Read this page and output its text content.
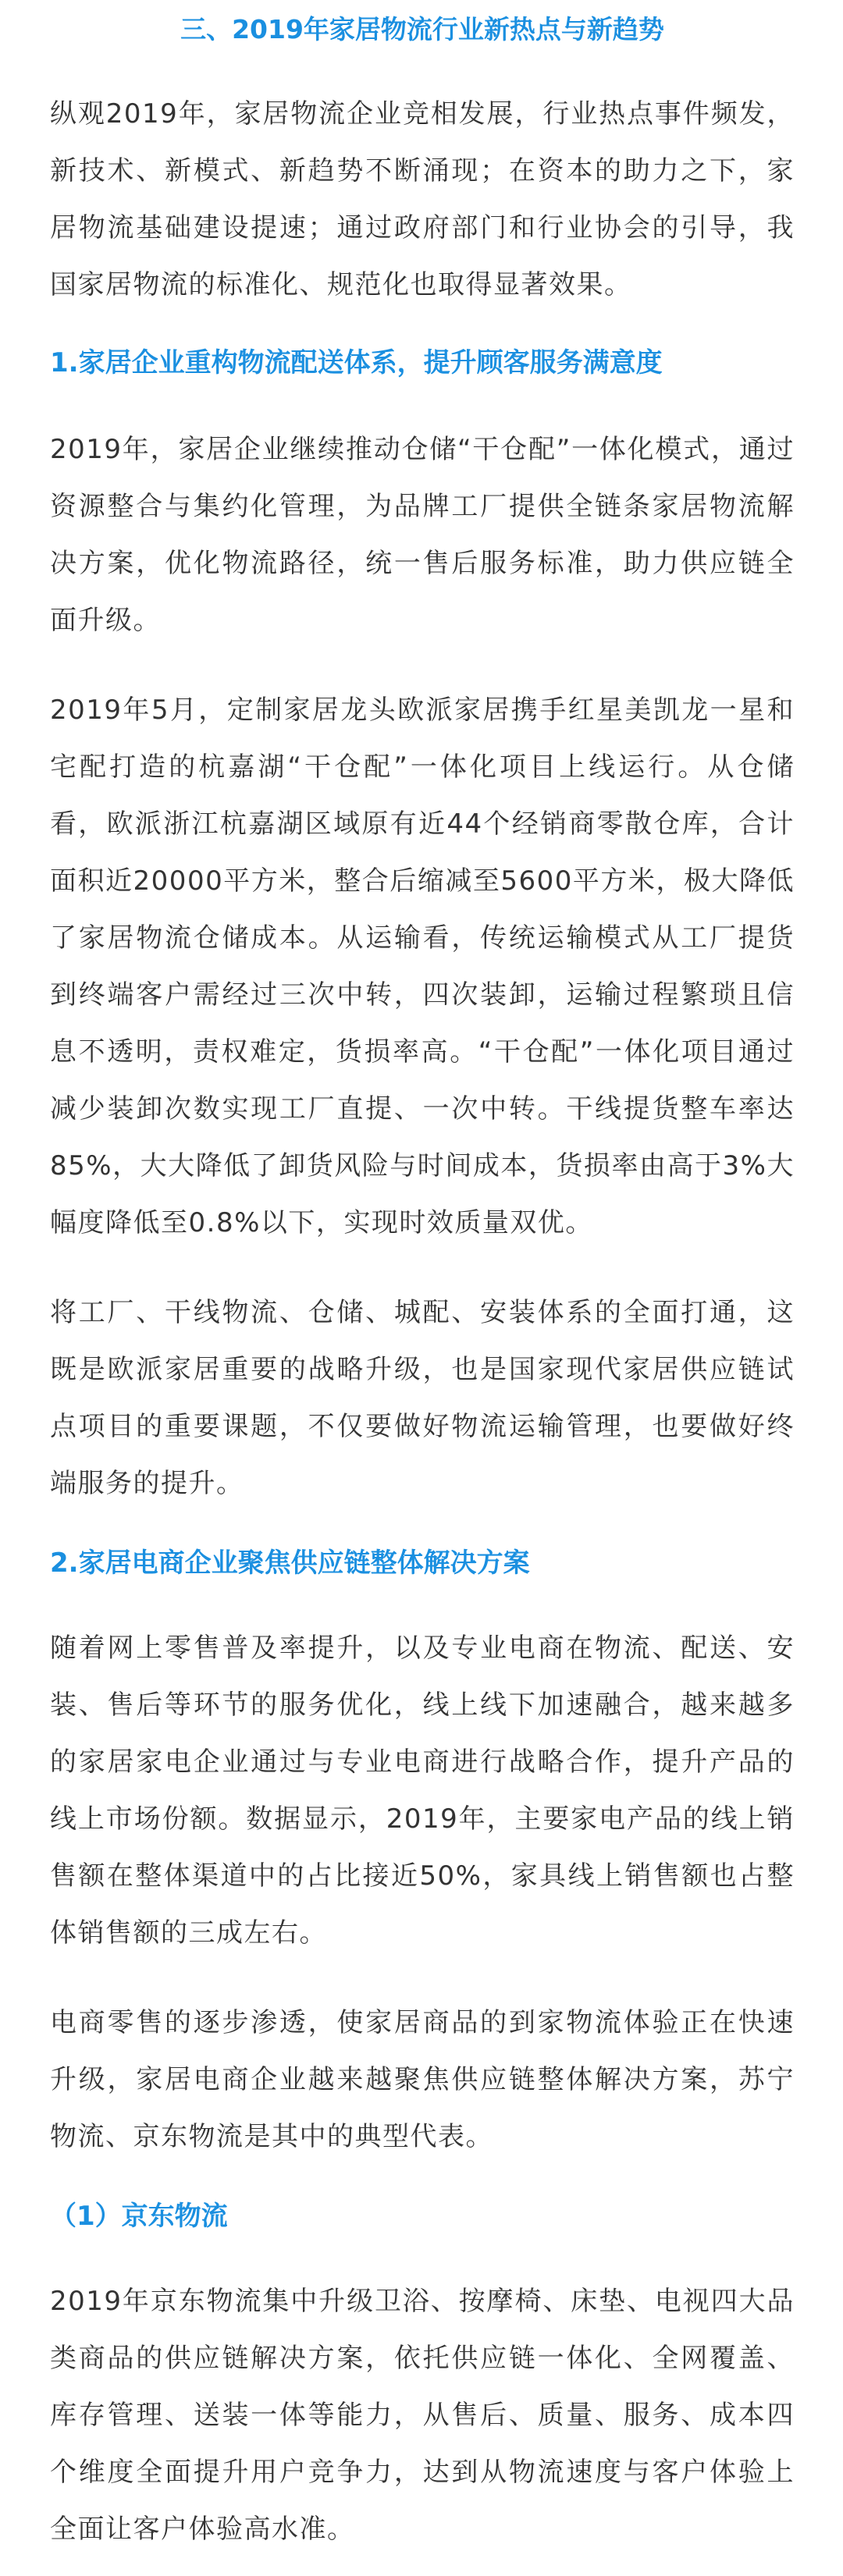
三、2019年家居物流行业新热点与新趋势

纵观2019年，家居物流企业竞相发展，行业热点事件频发，新技术、新模式、新趋势不断涌现；在资本的助力之下，家居物流基础建设提速；通过政府部门和行业协会的引导，我国家居物流的标准化、规范化也取得显著效果。

1.家居企业重构物流配送体系，提升顾客服务满意度

2019年，家居企业继续推动仓储“干仓配”一体化模式，通过资源整合与集约化管理，为品牌工厂提供全链条家居物流解决方案，优化物流路径，统一售后服务标准，助力供应链全面升级。

2019年5月，定制家居龙头欧派家居携手红星美凯龙一星和宅配打造的杭嘉湖“干仓配”一体化项目上线运行。从仓储看，欧派浙江杭嘉湖区域原有近44个经销商零散仓库，合计面积近20000平方米，整合后缩减至5600平方米，极大降低了家居物流仓储成本。从运输看，传统运输模式从工厂提货到终端客户需经过三次中转，四次装卸，运输过程繁琐且信息不透明，责权难定，货损率高。“干仓配”一体化项目通过减少装卸次数实现工厂直提、一次中转。干线提货整车率达85%，大大降低了卸货风险与时间成本，货损率由高于3%大幅度降低至0.8%以下，实现时效质量双优。

将工厂、干线物流、仓储、城配、安装体系的全面打通，这既是欧派家居重要的战略升级，也是国家现代家居供应链试点项目的重要课题，不仅要做好物流运输管理，也要做好终端服务的提升。

2.家居电商企业聚焦供应链整体解决方案

随着网上零售普及率提升，以及专业电商在物流、配送、安装、售后等环节的服务优化，线上线下加速融合，越来越多的家居家电企业通过与专业电商进行战略合作，提升产品的线上市场份额。数据显示，2019年，主要家电产品的线上销售额在整体渠道中的占比接近50%，家具线上销售额也占整体销售额的三成左右。

电商零售的逐步渗透，使家居商品的到家物流体验正在快速升级，家居电商企业越来越聚焦供应链整体解决方案，苏宁物流、京东物流是其中的典型代表。

（1）京东物流

2019年京东物流集中升级卫浴、按摩椅、床垫、电视四大品类商品的供应链解决方案，依托供应链一体化、全网覆盖、库存管理、送装一体等能力，从售后、质量、服务、成本四个维度全面提升用户竞争力，达到从物流速度与客户体验上全面让客户体验高水准。
